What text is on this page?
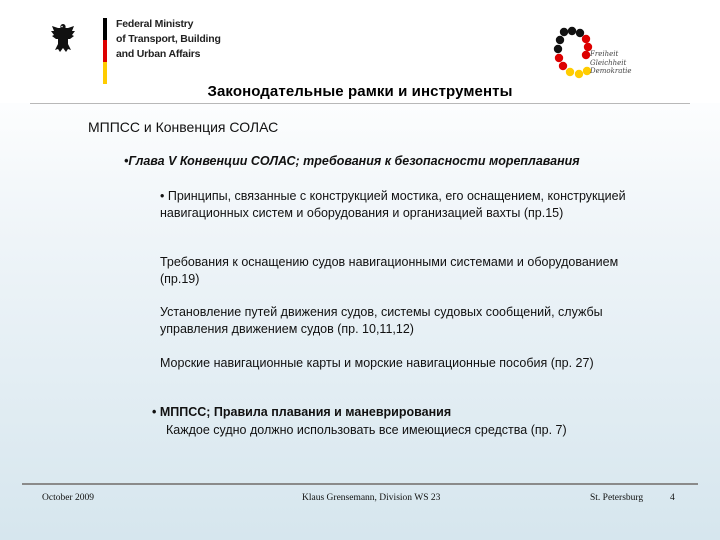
Federal Ministry
of Transport, Building
and Urban Affairs	Freiheit
Gleichheit
Demokratie
Законодательные рамки и инструменты
МППСС и Конвенция СОЛАС
•Глава V Конвенции СОЛАС; требования к безопасности мореплавания
• Принципы, связанные с конструкцией мостика, его оснащением, конструкцией навигационных систем и оборудования и организацией вахты (пр.15)
Требования к оснащению судов навигационными системами и оборудованием (пр.19)
Установление путей движения судов, системы судовых сообщений, службы управления движением судов (пр. 10,11,12)
Морские навигационные карты и морские навигационные пособия (пр. 27)
• МППСС; Правила плавания и маневрирования
Каждое судно должно использовать все имеющиеся средства (пр. 7)
October 2009	Klaus Grensemann, Division WS 23	St. Petersburg	4
